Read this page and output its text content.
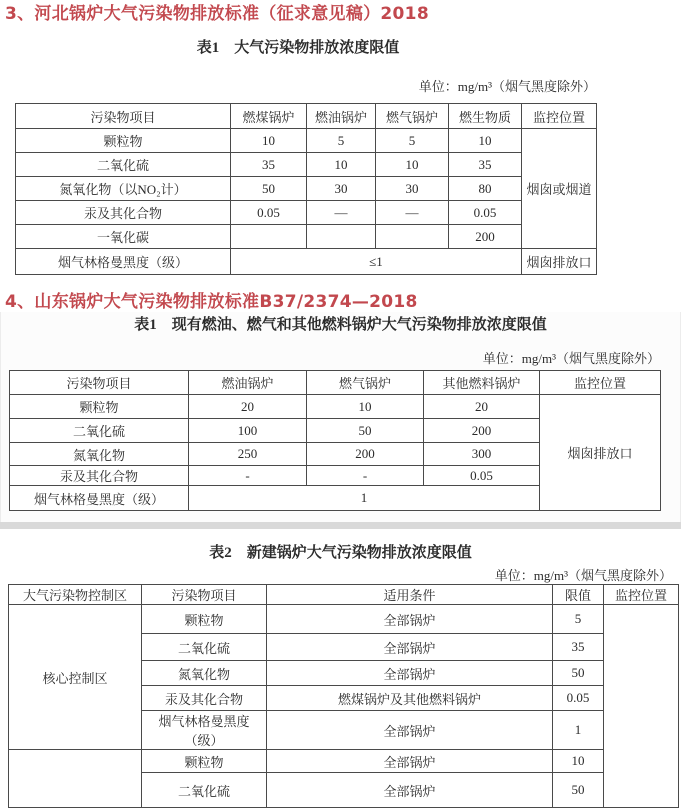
3、河北锅炉大气污染物排放标准（征求意见稿）2018
表1　大气污染物排放浓度限值
单位：mg/m³（烟气黑度除外）
污染物项目	燃煤锅炉	燃油锅炉	燃气锅炉	燃生物质	监控位置
颗粒物	10	5	5	10	烟囱或烟道
二氧化硫	35	10	10	35	
氮氧化物（以NO₂计）	50	30	30	80	
汞及其化合物	0.05	—	—	0.05	
一氧化碳				200	
烟气林格曼黑度（级）	≤1				烟囱排放口
4、山东锅炉大气污染物排放标准B37/2374—2018
表1　现有燃油、燃气和其他燃料锅炉大气污染物排放浓度限值
单位：mg/m³（烟气黑度除外）
污染物项目	燃油锅炉	燃气锅炉	其他燃料锅炉	监控位置
颗粒物	20	10	20	烟囱排放口
二氧化硫	100	50	200	
氮氧化物	250	200	300	
汞及其化合物	-	-	0.05	
烟气林格曼黑度（级）	1			
表2　新建锅炉大气污染物排放浓度限值
单位：mg/m³（烟气黑度除外）
大气污染物控制区	污染物项目	适用条件	限值	监控位置
核心控制区	颗粒物	全部锅炉	5	
	二氧化硫	全部锅炉	35	
	氮氧化物	全部锅炉	50	
	汞及其化合物	燃煤锅炉及其他燃料锅炉	0.05	
	烟气林格曼黑度（级）	全部锅炉	1	
	颗粒物	全部锅炉	10	
	二氧化硫	全部锅炉	50	
